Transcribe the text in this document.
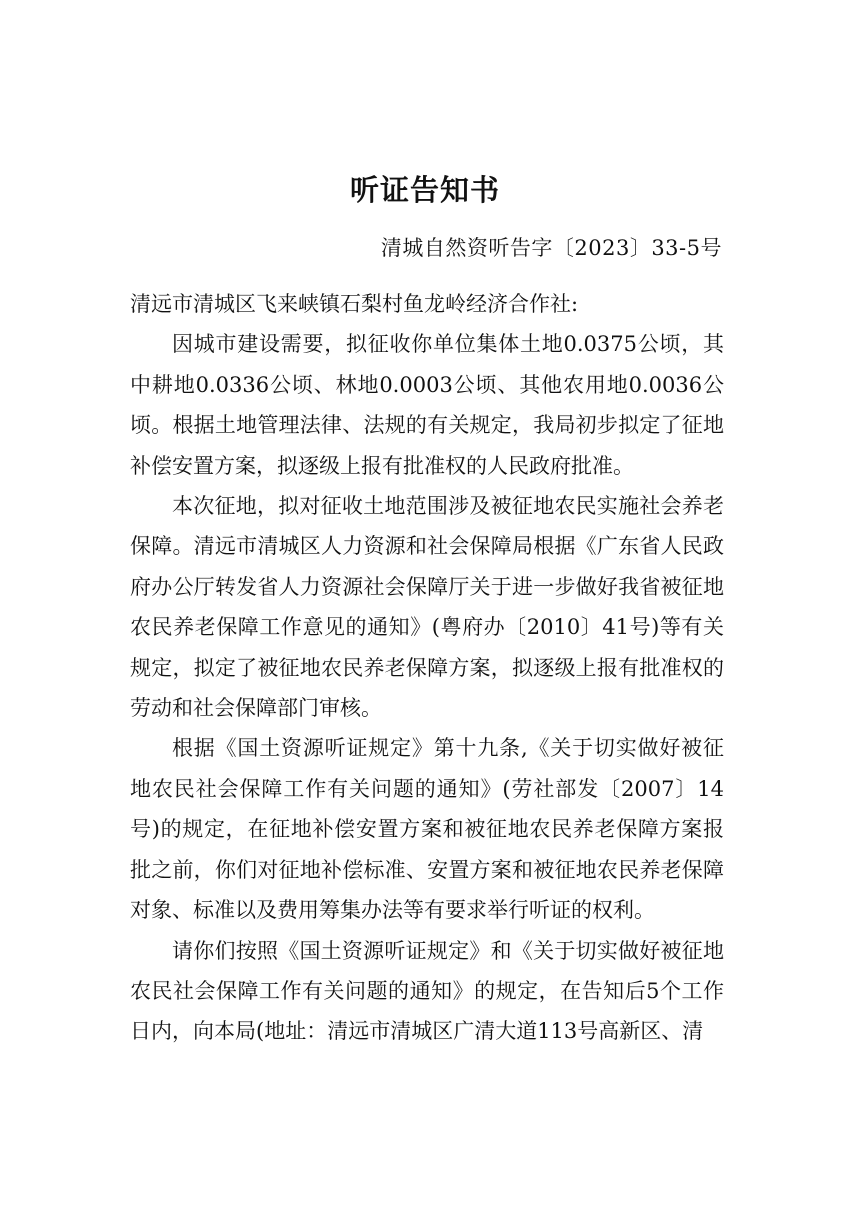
听证告知书
清城自然资听告字〔2023〕33-5号

清远市清城区飞来峡镇石梨村鱼龙岭经济合作社:

因城市建设需要，拟征收你单位集体土地0.0375公顷，其中耕地0.0336公顷、林地0.0003公顷、其他农用地0.0036公顷。根据土地管理法律、法规的有关规定，我局初步拟定了征地补偿安置方案，拟逐级上报有批准权的人民政府批准。

本次征地，拟对征收土地范围涉及被征地农民实施社会养老保障。清远市清城区人力资源和社会保障局根据《广东省人民政府办公厅转发省人力资源社会保障厅关于进一步做好我省被征地农民养老保障工作意见的通知》(粤府办〔2010〕41号)等有关规定，拟定了被征地农民养老保障方案，拟逐级上报有批准权的劳动和社会保障部门审核。

根据《国土资源听证规定》第十九条,《关于切实做好被征地农民社会保障工作有关问题的通知》(劳社部发〔2007〕14号)的规定，在征地补偿安置方案和被征地农民养老保障方案报批之前，你们对征地补偿标准、安置方案和被征地农民养老保障对象、标准以及费用筹集办法等有要求举行听证的权利。

请你们按照《国土资源听证规定》和《关于切实做好被征地农民社会保障工作有关问题的通知》的规定，在告知后5个工作日内，向本局(地址：清远市清城区广清大道113号高新区、清
